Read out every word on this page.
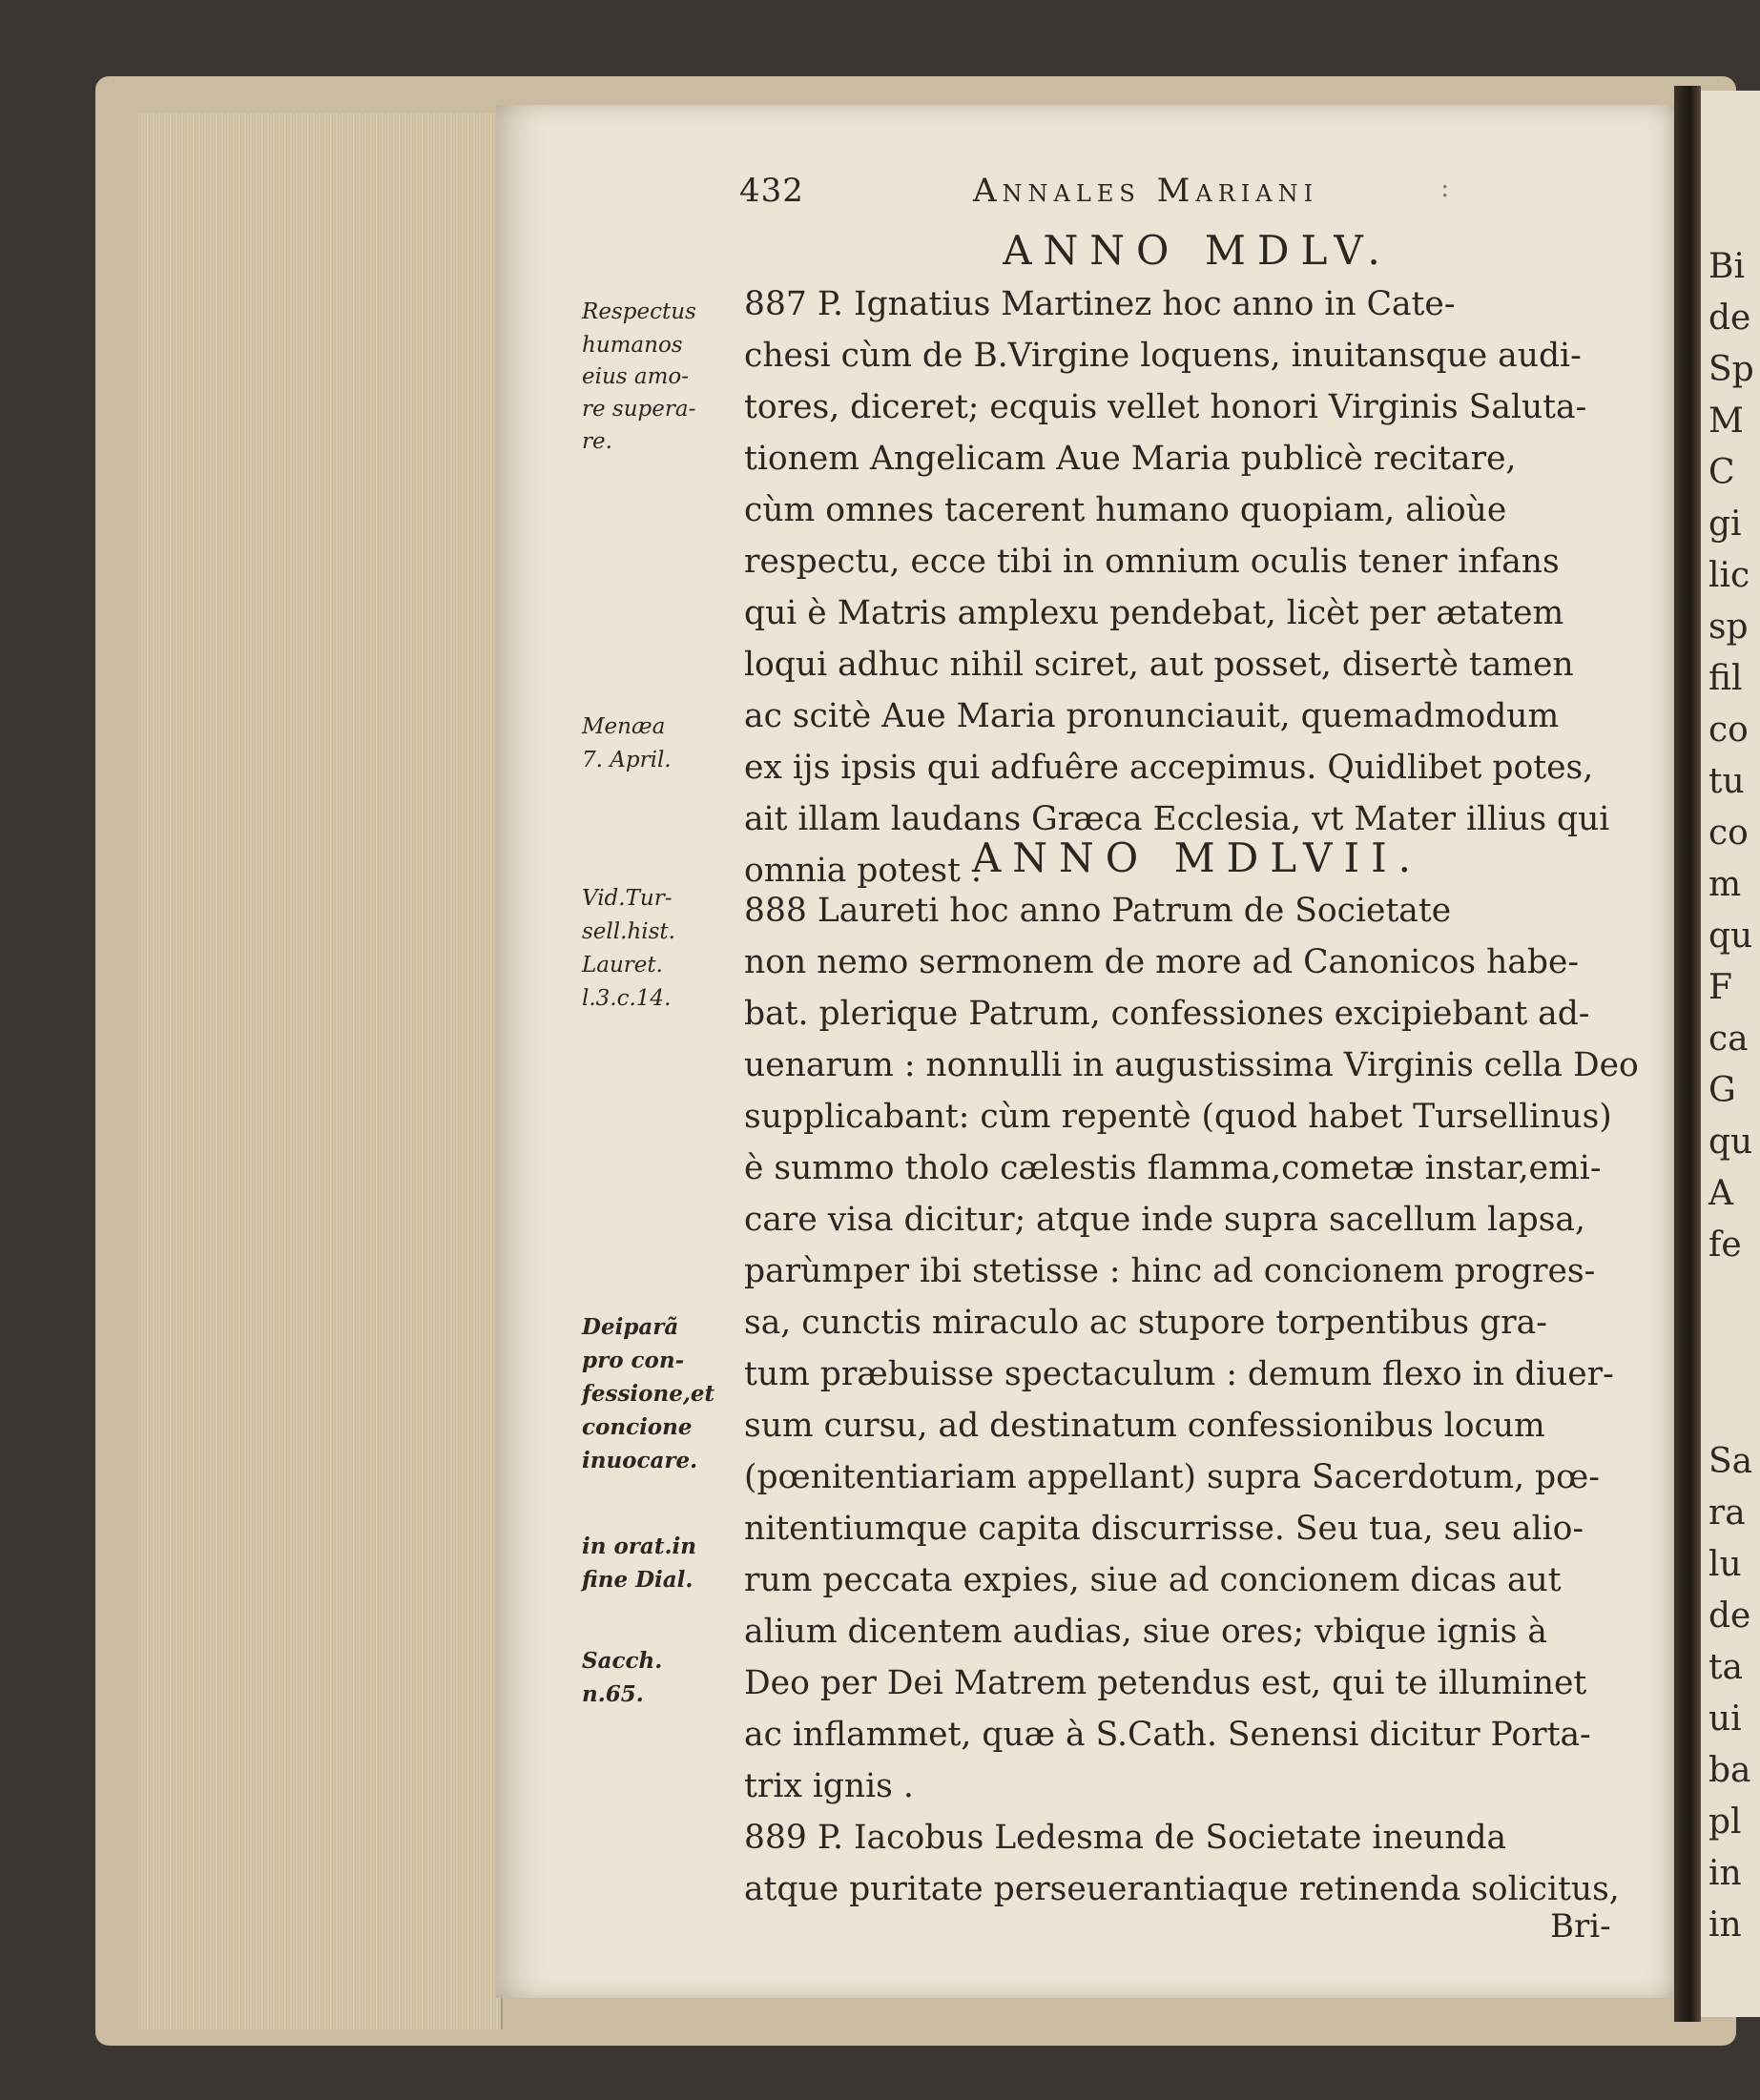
Bi
de
Sp
M
C
gi
lic
sp
fil
co
tu
co
m
qu
F
ca
G
qu
A
fe
Sa
ra
lu
de
ta
ui
ba
pl
in
in
432	Annales Mariani	:
ANNO MDLV.
887 P. Ignatius Martinez hoc anno in Cate-
chesi cùm de B.Virgine loquens, inuitansque audi-
tores, diceret; ecquis vellet honori Virginis Saluta-
tionem Angelicam Aue Maria publicè recitare,
cùm omnes tacerent humano quopiam, alioùe
respectu, ecce tibi in omnium oculis tener infans
qui è Matris amplexu pendebat, licèt per ætatem
loqui adhuc nihil sciret, aut posset, disertè tamen
ac scitè Aue Maria pronunciauit, quemadmodum
ex ijs ipsis qui adfuêre accepimus. Quidlibet potes,
ait illam laudans Græca Ecclesia, vt Mater illius qui
omnia potest .
ANNO MDLVII.
888 Laureti hoc anno Patrum de Societate
non nemo sermonem de more ad Canonicos habe-
bat. plerique Patrum, confessiones excipiebant ad-
uenarum : nonnulli in augustissima Virginis cella Deo
supplicabant: cùm repentè (quod habet Tursellinus)
è summo tholo cælestis flamma,cometæ instar,emi-
care visa dicitur; atque inde supra sacellum lapsa,
parùmper ibi stetisse : hinc ad concionem progres-
sa, cunctis miraculo ac stupore torpentibus gra-
tum præbuisse spectaculum : demum flexo in diuer-
sum cursu, ad destinatum confessionibus locum
(pœnitentiariam appellant) supra Sacerdotum, pœ-
nitentiumque capita discurrisse. Seu tua, seu alio-
rum peccata expies, siue ad concionem dicas aut
alium dicentem audias, siue ores; vbique ignis à
Deo per Dei Matrem petendus est, qui te illuminet
ac inflammet, quæ à S.Cath. Senensi dicitur Porta-
trix ignis .
889 P. Iacobus Ledesma de Societate ineunda
atque puritate perseuerantiaque retinenda solicitus,
Bri-
Respectus
humanos
eius amo-
re supera-
re.
Menæa
7. April.
Vid.Tur-
sell.hist.
Lauret.
l.3.c.14.
Deiparã
pro con-
fessione,et
concione
inuocare.
in orat.in
fine Dial.
Sacch.
n.65.
